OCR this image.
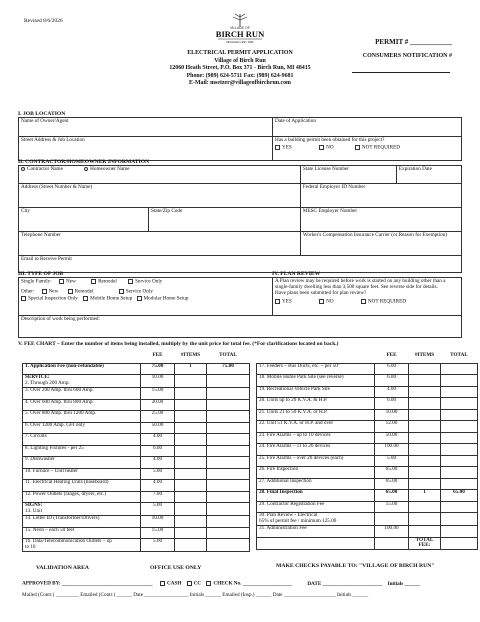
Revised 8/6/2026
VILLAGE OF
BIRCH RUN
MICHIGAN • EST. 1852	PERMIT # ____________
CONSUMERS NOTIFICATION #
ELECTRICAL PERMIT APPLICATION
Village of Birch Run
12060 Heath Street, P.O. Box 371 - Birch Run, MI 48415
Phone: (989) 624-5711 Fax: (989) 624-9681
E-Mail: msetzer@villageofbirchrun.com
I. JOB LOCATION
Name of Owner/Agent	Date of Application
Street Address & Job Location	Has a building permit been obtained for this project?
YES NO NOT REQUIRED
II. CONTRACTOR/HOMEOWNER INFORMATION
Contractor Name Homeowner Name		State License Number	Expiration Date
Address (Street Number & Name)		Federal Employer ID Number	
City	State/Zip Code	MESC Employer Number	
Telephone Number		Worker's Compensation Insurance Carrier (or Reason for Exemption)	
Email to Receive Permit			
III. TYPE OF JOB	IV. PLAN REVIEW
Single Family:	New	Remodel	Service Only
Other:	New	Remodel	Service Only
Special Inspection Only Mobile Home Setup Modular Home Setup

A Plan review may be required before work is started on any building other than a single-family dwelling less than 3,500 square feet. See reverse side for details.
Have plans been submitted for plan review?
YES	NO	NOT REQUIRED

Description of work being performed:
V. FEE CHART – Enter the number of items being installed, multiply by the unit price for total fee. (*For clarifications located on back.)
	FEE	#ITEMS	TOTAL

1. Application Fee (non-refundable)	75.00	1	75.00

SERVICE:
2. Through 200 Amp.	10.00		

3. Over 200 Amp. thru 600 Amp.	15.00		

4. Over 600 Amp. thru 800 Amp.	20.00		

5. Over 800 Amp. thru 1200 Amp.	25.00		

6. Over 1200 Amp. GFI only	50.00		

7. Circuits	4.00		

8. Lighting Fixtures - per 25	6.00		

9. Dishwasher	4.00		

10. Furnace – Unit heater	5.00		

11. Electrical Heating Units (baseboard)	4.00		

12. Power Outlets (ranges, dryers, etc.)	7.00		

SIGNS:
13. Unit	5.00		

14. Letter ID (Transformer/Drivers)	10.00		

15. Neon – each 50 feet	15.00		

16. Data/Telecommunication Outlets – up
to 10	5.00		
	FEE	#ITEMS	TOTAL

17. Feeders – Bus Ducts, etc. – per 50'	6.00		

18. Mobile Home Park Site (see reverse)	6.00		

19. Recreational Vehicle Park Site	4.00		

20. Units up to 20 K.V.A. & H.P.	6.00		

21. Units 21 to 50 K.V.A. or H.P.	10.00		

22. Unit 51 K.V.A. or H.P. and over	12.00		

23. Fire Alarms – up to 10 devices	50.00		

24. Fire Alarms – 11 to 20 devices	100.00		

25. Fire Alarms – over 20 devices (each)	5.00		

26. Fire Inspection	65.00		

27. Additional Inspection	65.00		

28. Final Inspection	65.00	1	65.00

29. Contractor Registration Fee	15.00		

30. Plan Review - Electrical
65% of permit fee / minimum 125.00			

31. Administration Fee	100.00		

		TOTAL FEE:	
VALIDATION AREA	OFFICE USE ONLY	MAKE CHECKS PAYABLE TO: "VILLAGE OF BIRCH RUN"
APPROVED BY: ___________________________________	CASH CC CHECK No. ___________________	DATE _______________________ Initials ______
Mailed (Contr.) _________ Emailed (Contr.) ______ Date _________________ Initials ______ Emailed (Insp.) ______ Date ____________________ Initials ______
